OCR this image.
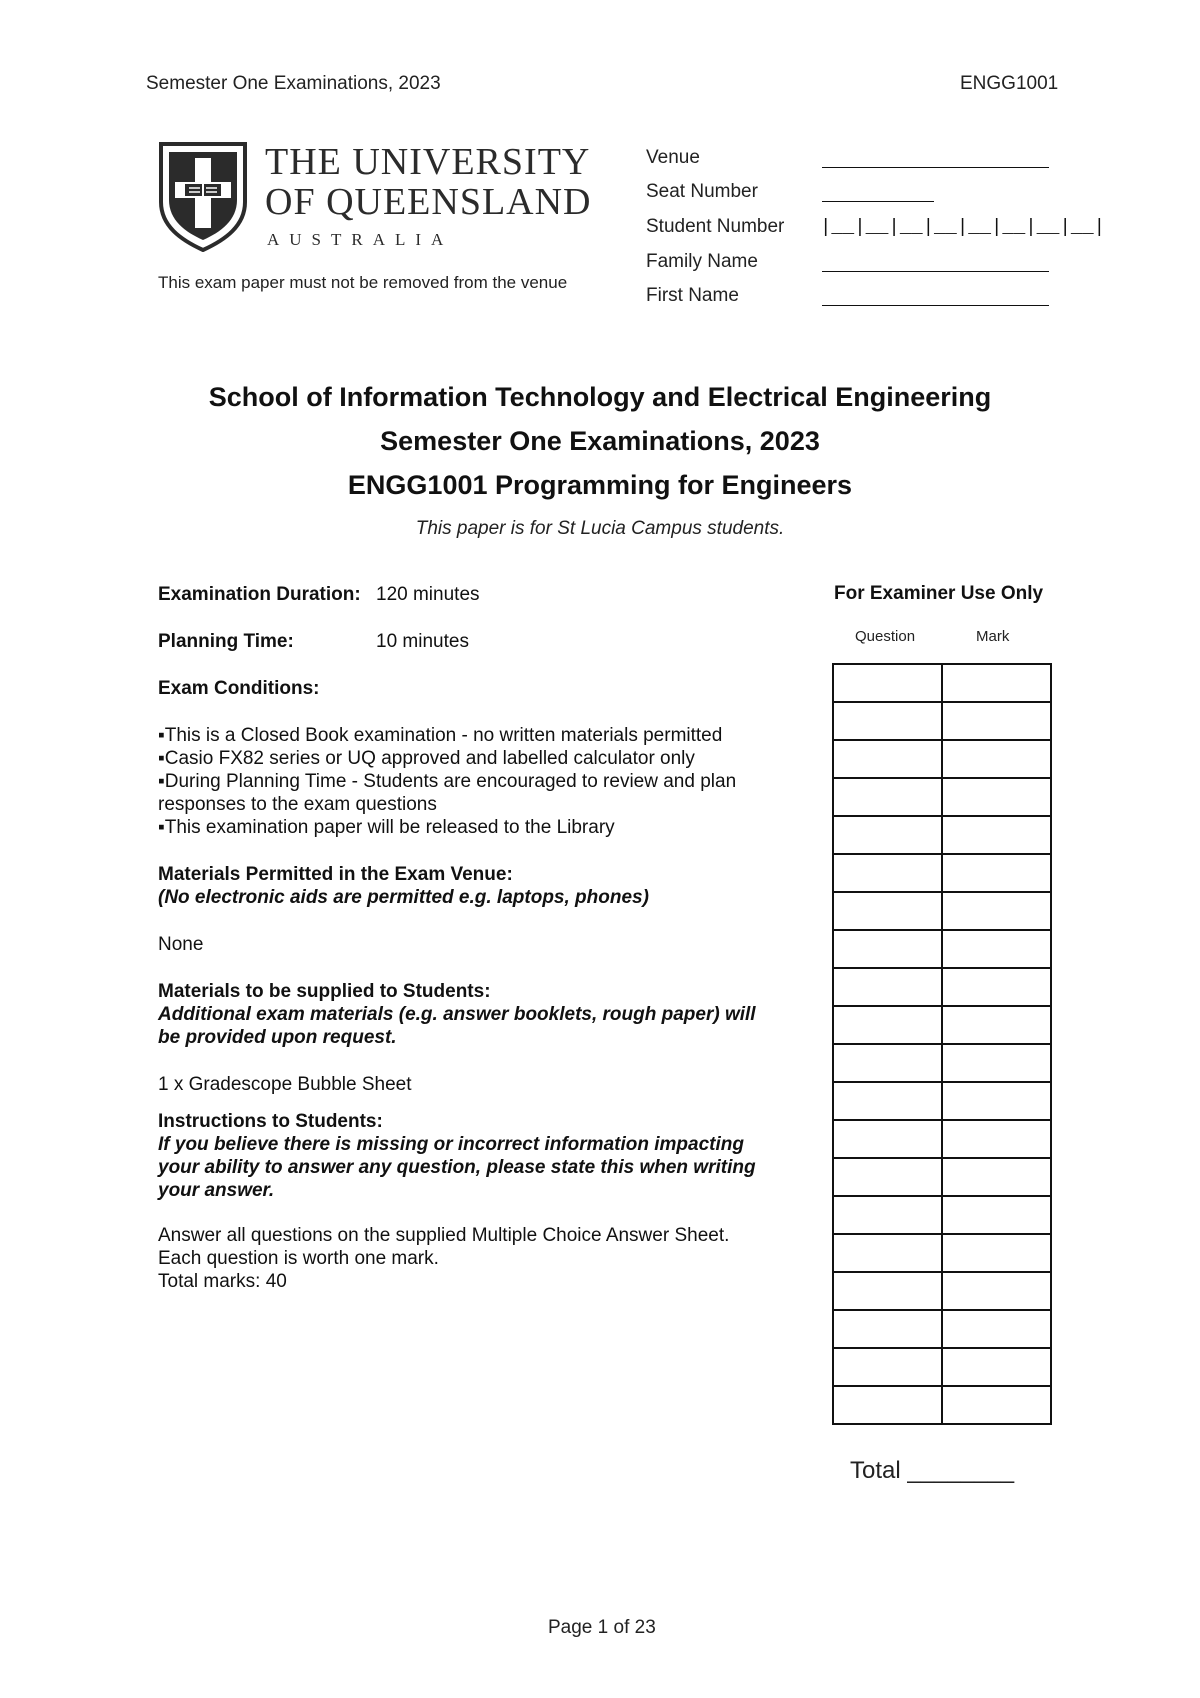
Semester One Examinations, 2023	ENGG1001
THE UNIVERSITY
OF QUEENSLAND
AUSTRALIA
This exam paper must not be removed from the venue
Venue
Seat Number
Student Number |__|__|__|__|__|__|__|__|
Family Name
First Name
School of Information Technology and Electrical Engineering
Semester One Examinations, 2023
ENGG1001 Programming for Engineers
This paper is for St Lucia Campus students.
Examination Duration: 120 minutes
Planning Time:	10 minutes
Exam Conditions:
▪This is a Closed Book examination - no written materials permitted
▪Casio FX82 series or UQ approved and labelled calculator only
▪During Planning Time - Students are encouraged to review and plan
responses to the exam questions
▪This examination paper will be released to the Library
Materials Permitted in the Exam Venue:
(No electronic aids are permitted e.g. laptops, phones)
None
Materials to be supplied to Students:
Additional exam materials (e.g. answer booklets, rough paper) will
be provided upon request.
1 x Gradescope Bubble Sheet
Instructions to Students:
If you believe there is missing or incorrect information impacting
your ability to answer any question, please state this when writing
your answer.
Answer all questions on the supplied Multiple Choice Answer Sheet.
Each question is worth one mark.
Total marks: 40
For Examiner Use Only
Question	Mark

Total ________
Page 1 of 23
